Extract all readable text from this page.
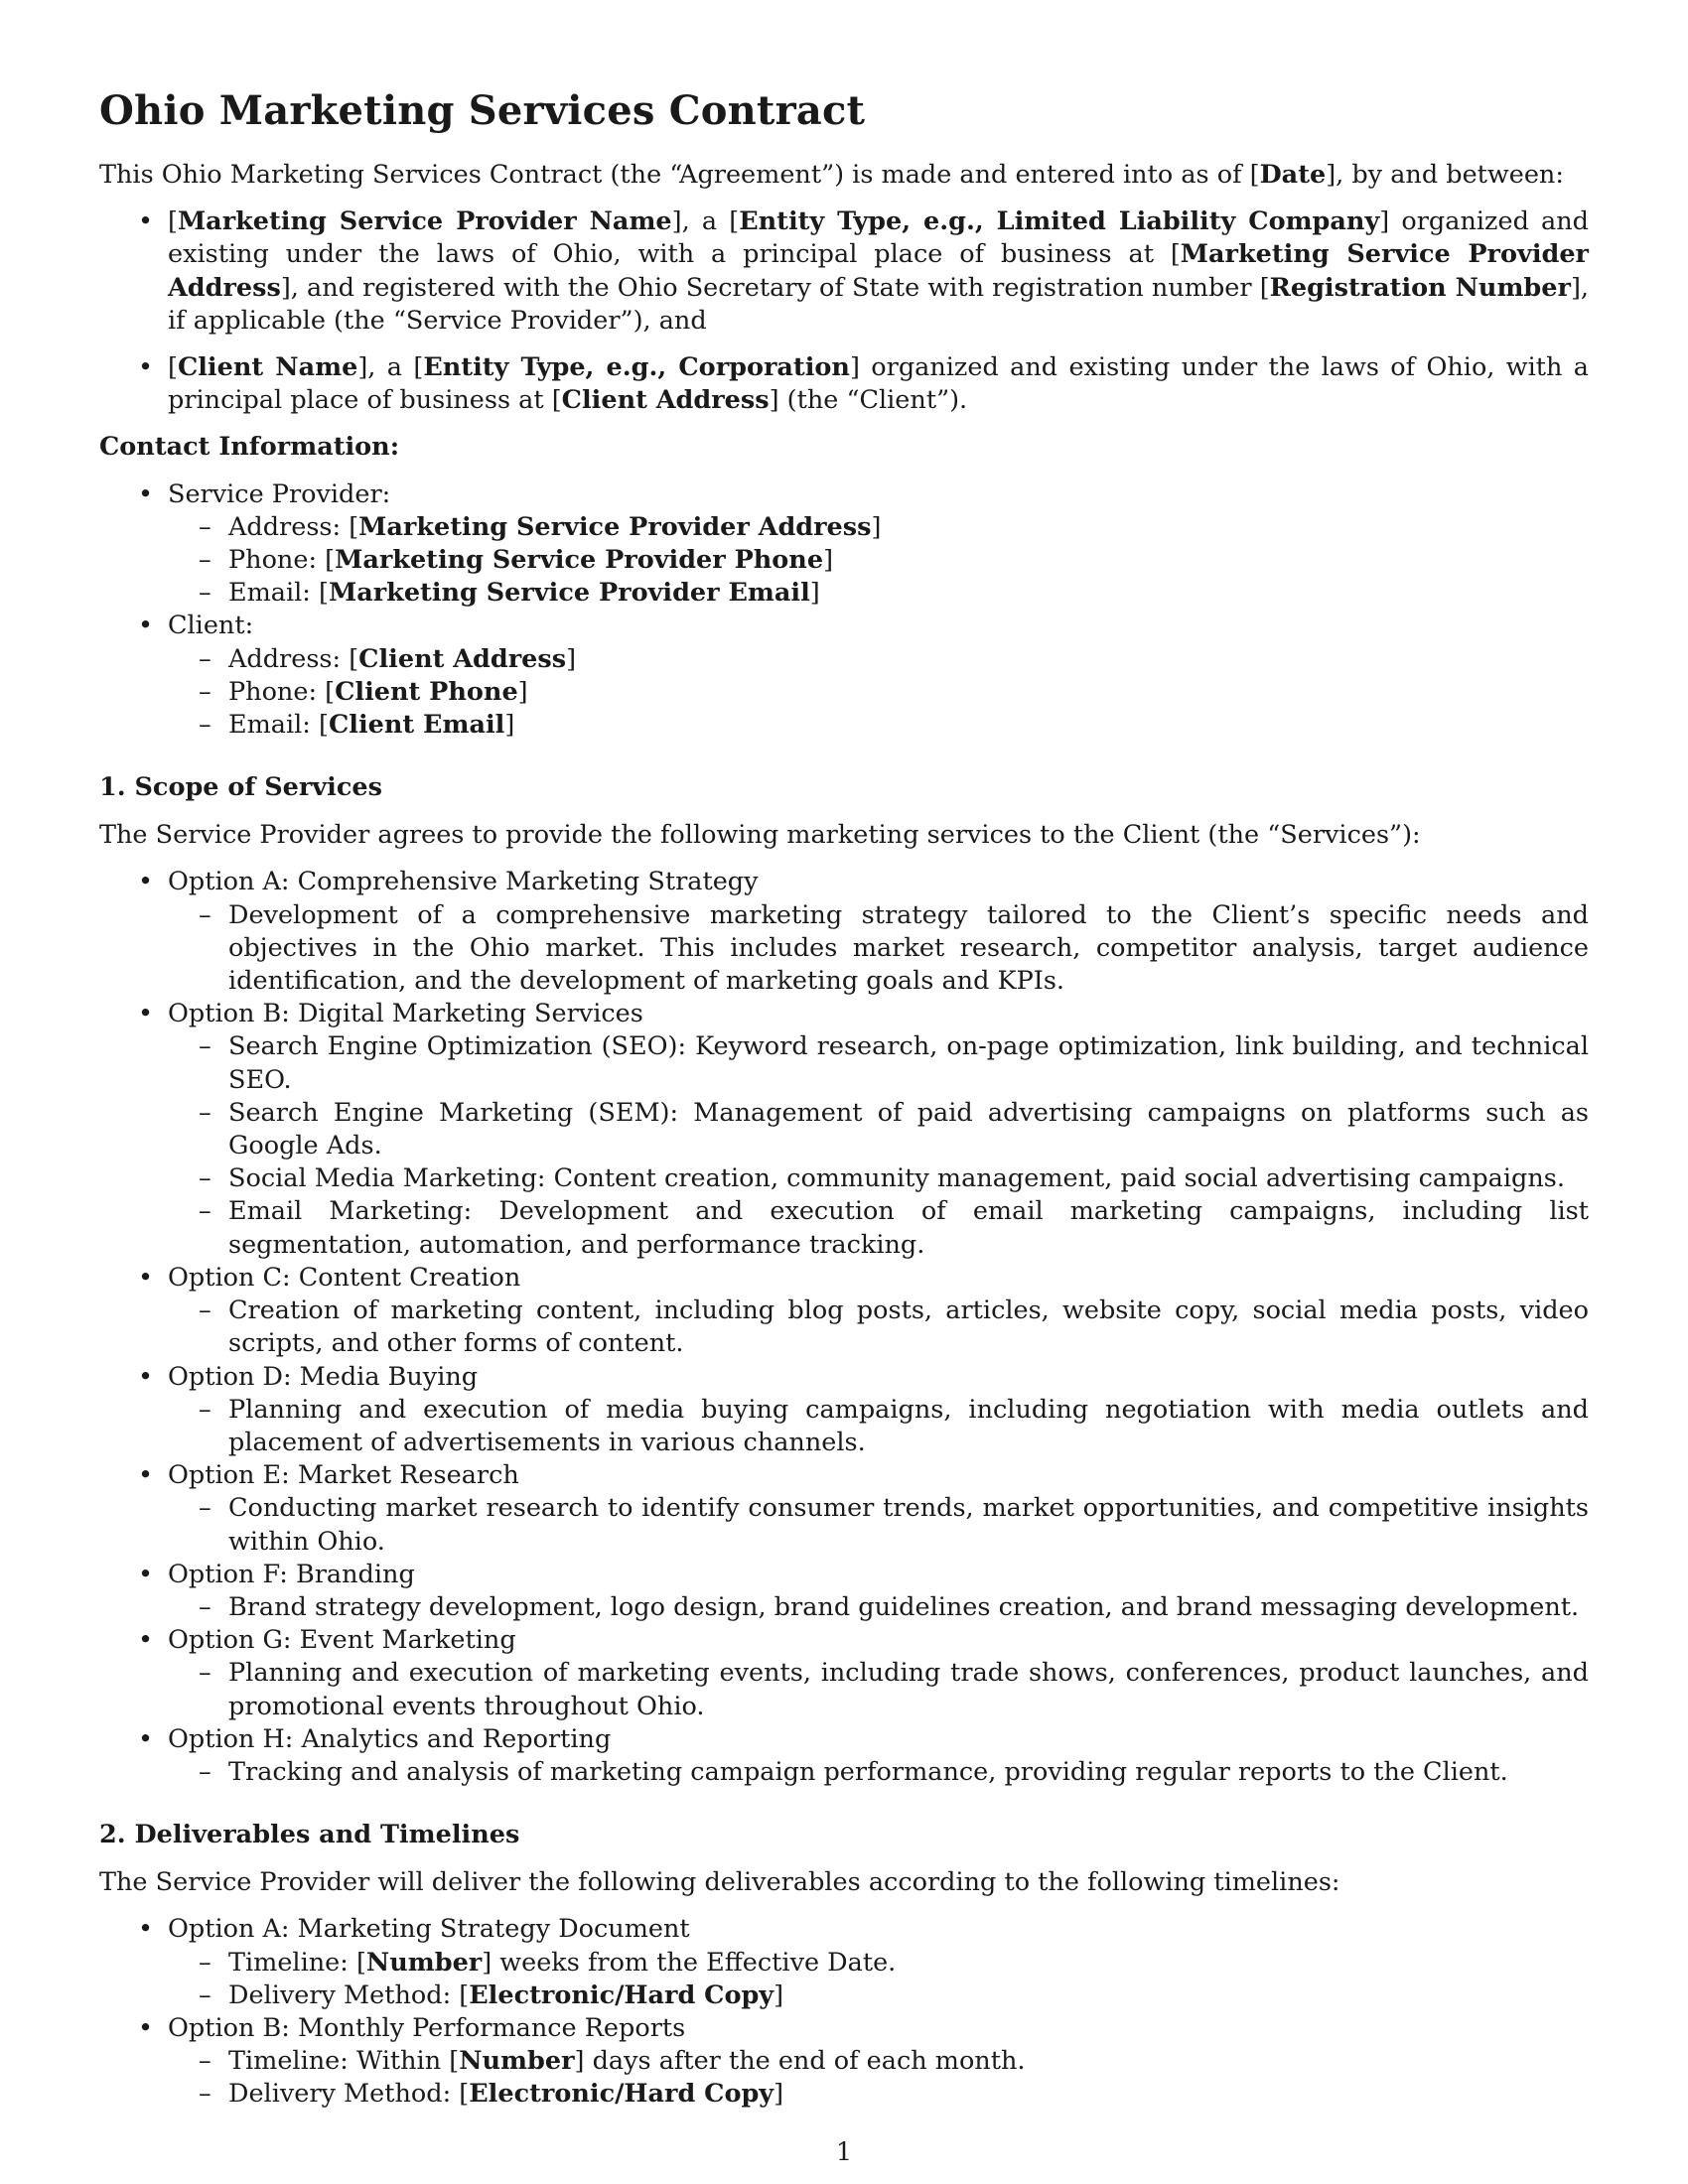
Ohio Marketing Services Contract

This Ohio Marketing Services Contract (the “Agreement”) is made and entered into as of [Date], by and between:

• [Marketing Service Provider Name], a [Entity Type, e.g., Limited Liability Company] organized and existing under the laws of Ohio, with a principal place of business at [Marketing Service Provider Address], and registered with the Ohio Secretary of State with registration number [Registration Number], if applicable (the “Service Provider”), and
• [Client Name], a [Entity Type, e.g., Corporation] organized and existing under the laws of Ohio, with a principal place of business at [Client Address] (the “Client”).

Contact Information:

• Service Provider:
– Address: [Marketing Service Provider Address]
– Phone: [Marketing Service Provider Phone]
– Email: [Marketing Service Provider Email]
• Client:
– Address: [Client Address]
– Phone: [Client Phone]
– Email: [Client Email]
1. Scope of Services

The Service Provider agrees to provide the following marketing services to the Client (the “Services”):

• Option A: Comprehensive Marketing Strategy
– Development of a comprehensive marketing strategy tailored to the Client’s specific needs and objectives in the Ohio market. This includes market research, competitor analysis, target audience identification, and the development of marketing goals and KPIs.
• Option B: Digital Marketing Services
– Search Engine Optimization (SEO): Keyword research, on-page optimization, link building, and technical SEO.
– Search Engine Marketing (SEM): Management of paid advertising campaigns on platforms such as Google Ads.
– Social Media Marketing: Content creation, community management, paid social advertising campaigns.
– Email Marketing: Development and execution of email marketing campaigns, including list segmentation, automation, and performance tracking.
• Option C: Content Creation
– Creation of marketing content, including blog posts, articles, website copy, social media posts, video scripts, and other forms of content.
• Option D: Media Buying
– Planning and execution of media buying campaigns, including negotiation with media outlets and placement of advertisements in various channels.
• Option E: Market Research
– Conducting market research to identify consumer trends, market opportunities, and competitive insights within Ohio.
• Option F: Branding
– Brand strategy development, logo design, brand guidelines creation, and brand messaging development.
• Option G: Event Marketing
– Planning and execution of marketing events, including trade shows, conferences, product launches, and promotional events throughout Ohio.
• Option H: Analytics and Reporting
– Tracking and analysis of marketing campaign performance, providing regular reports to the Client.
2. Deliverables and Timelines

The Service Provider will deliver the following deliverables according to the following timelines:

• Option A: Marketing Strategy Document
– Timeline: [Number] weeks from the Effective Date.
– Delivery Method: [Electronic/Hard Copy]
• Option B: Monthly Performance Reports
– Timeline: Within [Number] days after the end of each month.
– Delivery Method: [Electronic/Hard Copy]
1
